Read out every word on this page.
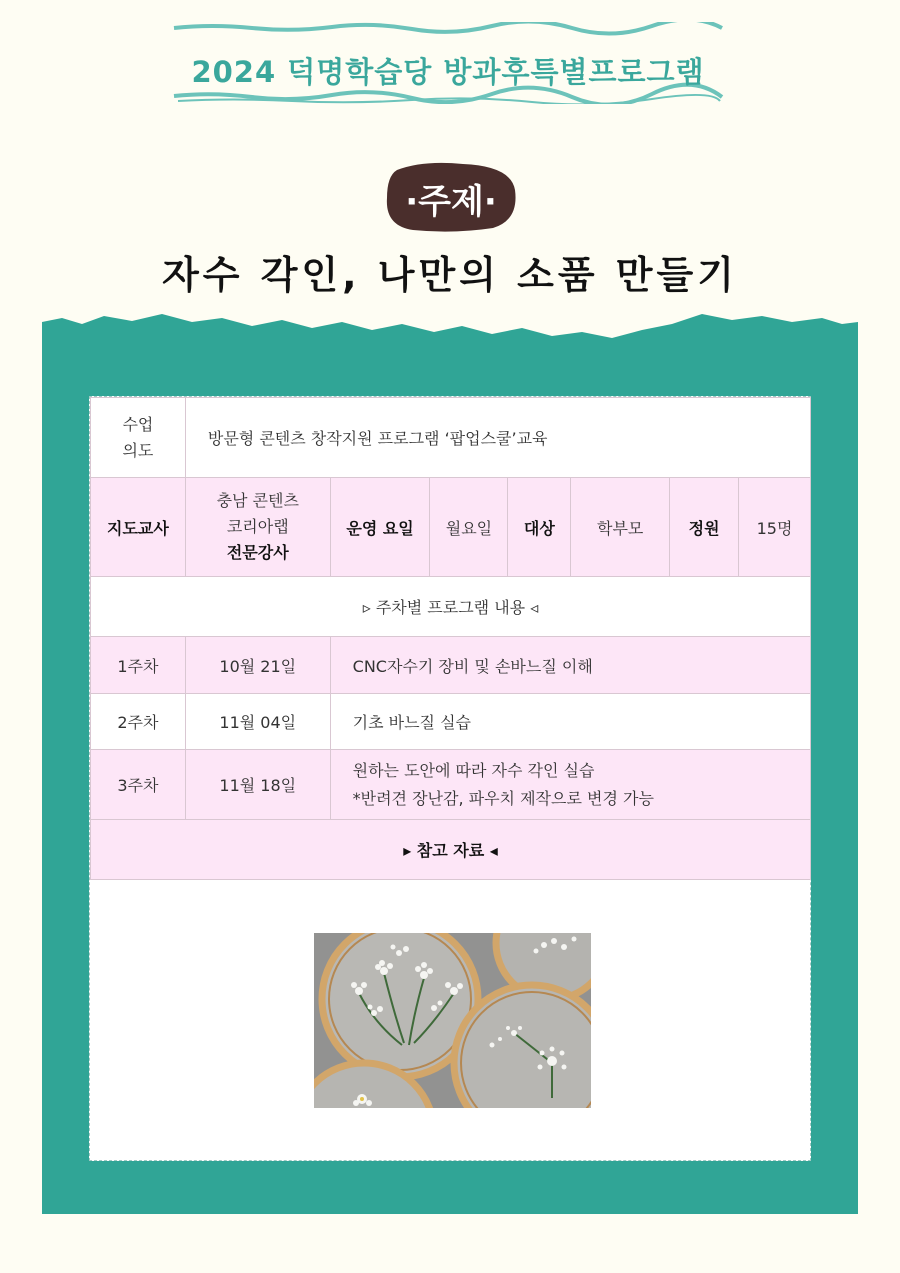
2024 덕명학습당 방과후특별프로그램
·주제·
자수 각인, 나만의 소품 만들기
수업
의도	방문형 콘텐츠 창작지원 프로그램 ‘팝업스쿨’교육						
지도교사	충남 콘텐츠
코리아랩
전문강사	운영 요일	월요일	대상	학부모	정원	15명
▹ 주차별 프로그램 내용 ◃							
1주차	10월 21일	CNC자수기 장비 및 손바느질 이해					
2주차	11월 04일	기초 바느질 실습					
3주차	11월 18일	원하는 도안에 따라 자수 각인 실습
*반려견 장난감, 파우치 제작으로 변경 가능					

▸ 참고 자료 ◂							
